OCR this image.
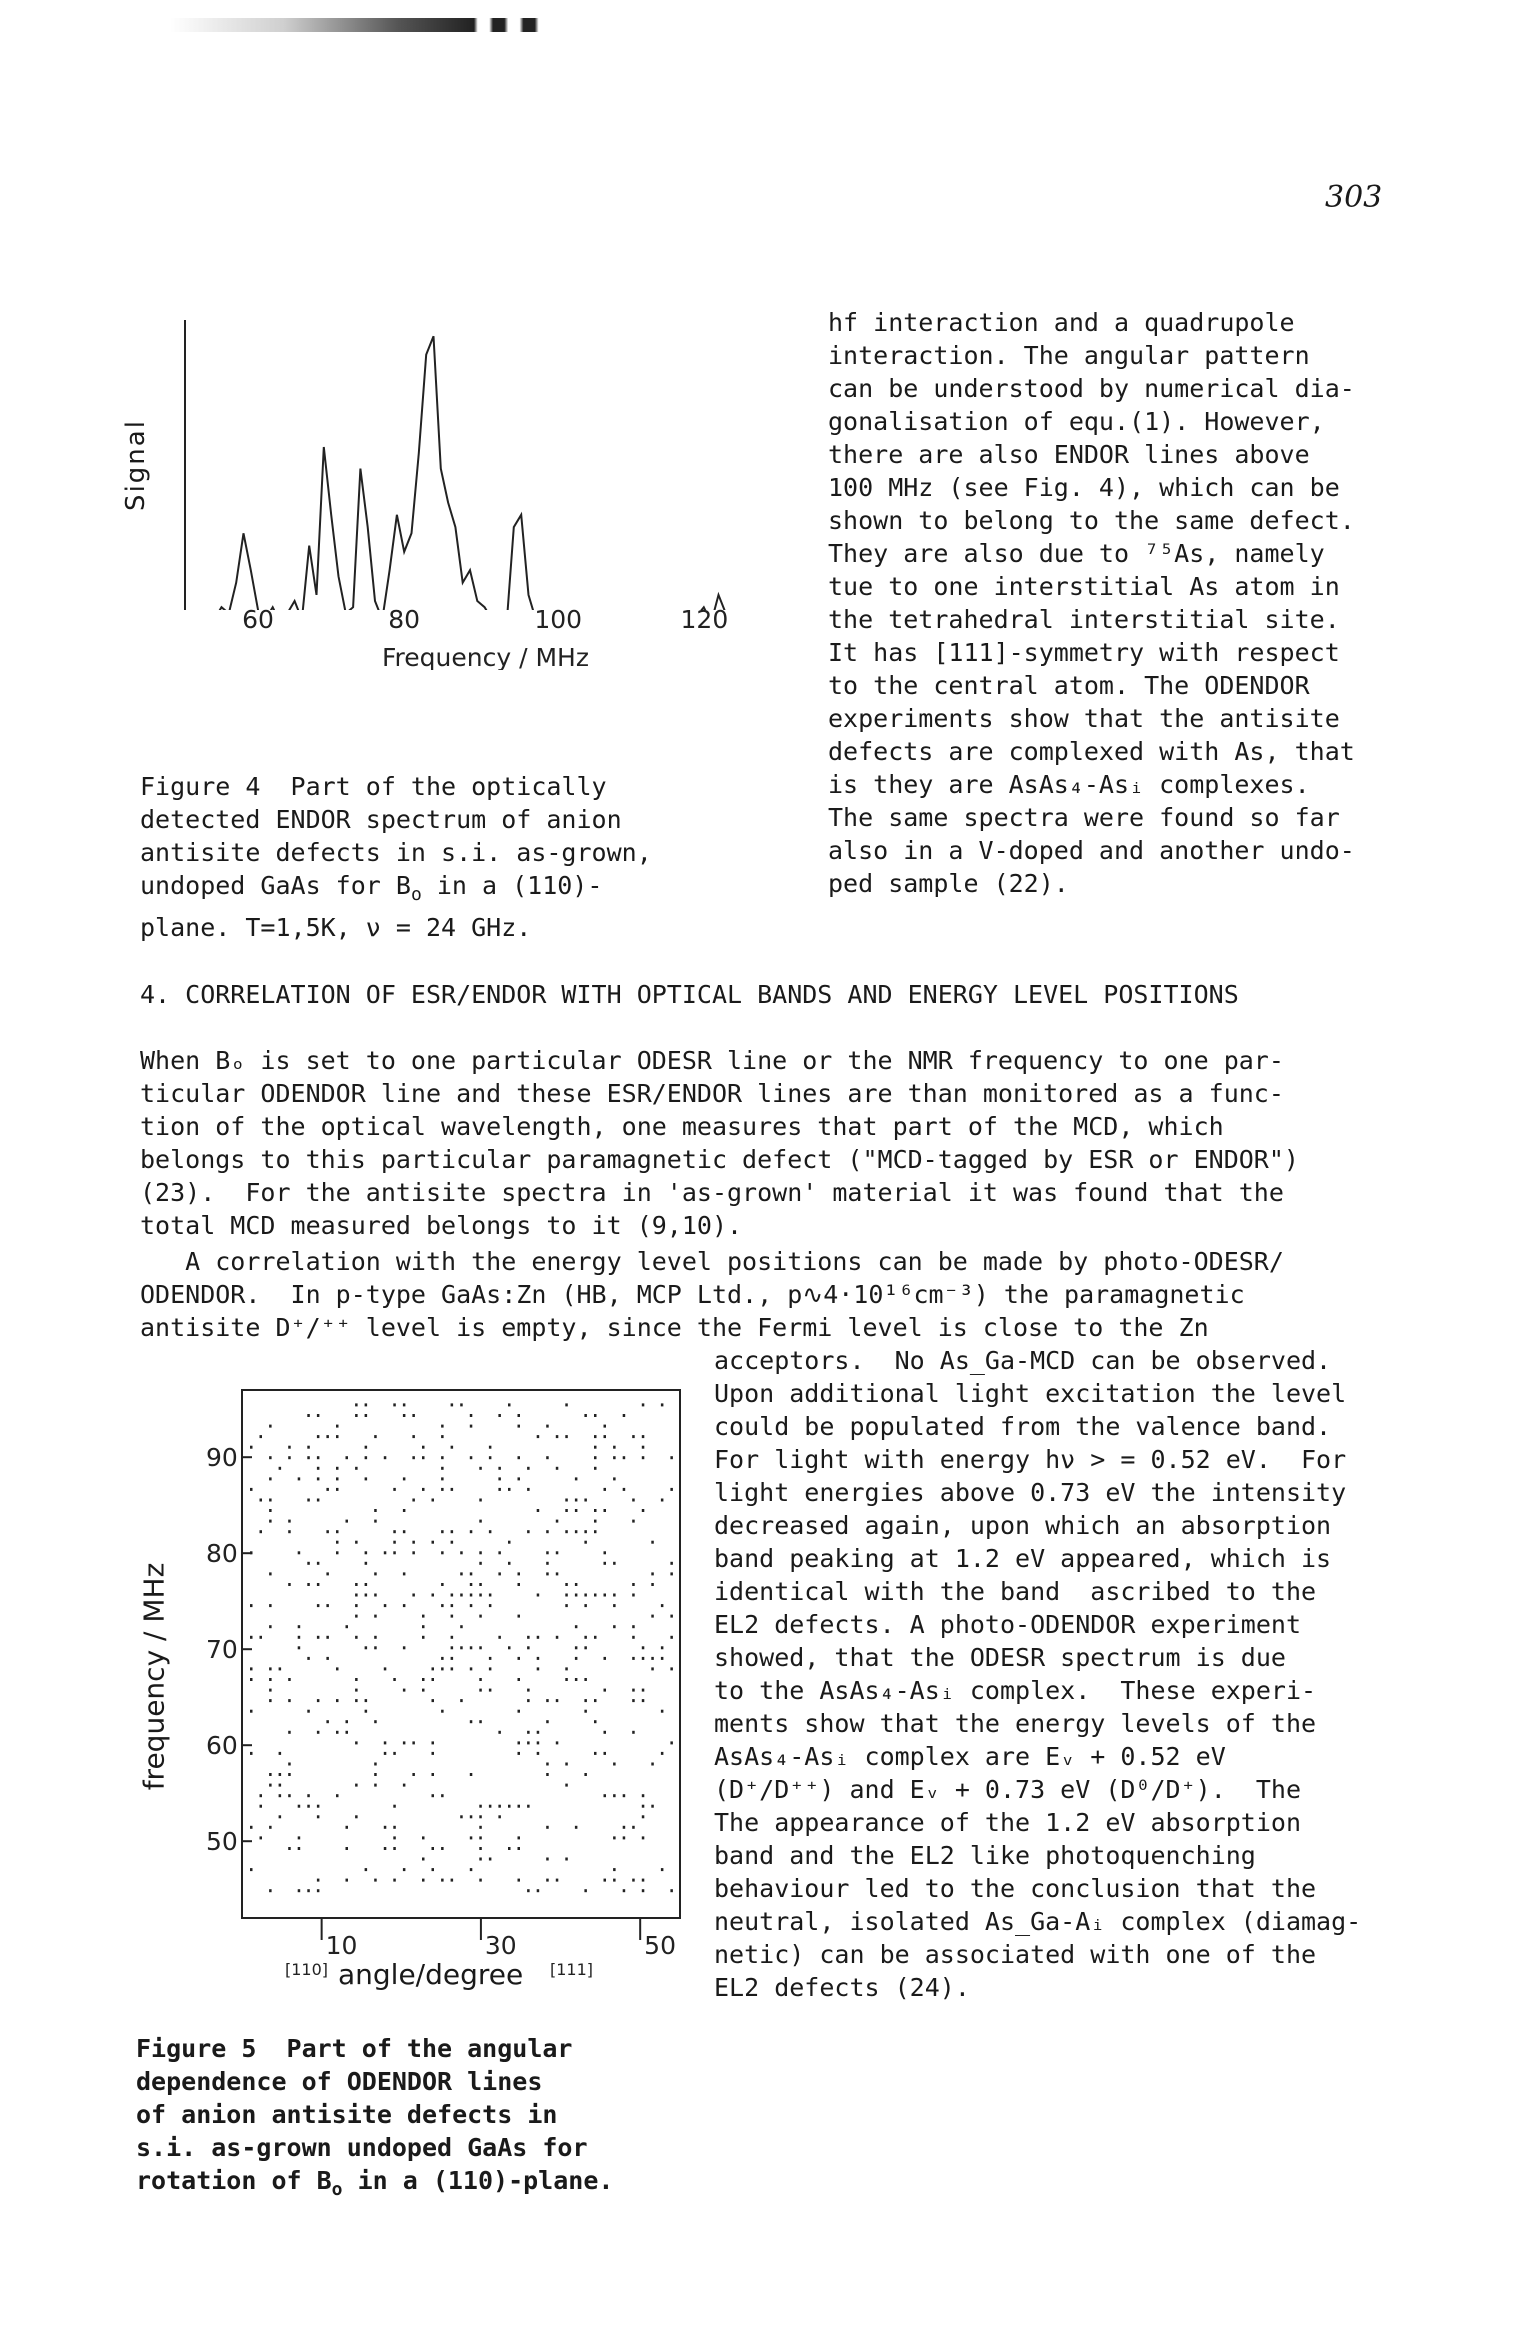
303
Signal
60	80	100	120
Frequency / MHz
Figure 4  Part of the optically
detected ENDOR spectrum of anion
antisite defects in s.i. as-grown,
undoped GaAs for $B_o$ in a (110)-
plane. T=1,5K, ν = 24 GHz.
hf interaction and a quadrupole
interaction. The angular pattern
can be understood by numerical dia-
gonalisation of equ.(1). However,
there are also ENDOR lines above
100 MHz (see Fig. 4), which can be
shown to belong to the same defect.
They are also due to ⁷⁵As, namely
tue to one interstitial As atom in
the tetrahedral interstitial site.
It has [111]-symmetry with respect
to the central atom. The ODENDOR
experiments show that the antisite
defects are complexed with As, that
is they are AsAs₄-Asᵢ complexes.
The same spectra were found so far
also in a V-doped and another undo-
ped sample (22).
4. CORRELATION OF ESR/ENDOR WITH OPTICAL BANDS AND ENERGY LEVEL POSITIONS
When Bₒ is set to one particular ODESR line or the NMR frequency to one par-
ticular ODENDOR line and these ESR/ENDOR lines are than monitored as a func-
tion of the optical wavelength, one measures that part of the MCD, which
belongs to this particular paramagnetic defect ("MCD-tagged by ESR or ENDOR")
(23).  For the antisite spectra in 'as-grown' material it was found that the
total MCD measured belongs to it (9,10).
A correlation with the energy level positions can be made by photo-ODESR/
ODENDOR.  In p-type GaAs:Zn (HB, MCP Ltd., p∿4·10¹⁶cm⁻³) the paramagnetic
antisite D⁺/⁺⁺ level is empty, since the Fermi level is close to the Zn
acceptors.  No As_Ga-MCD can be observed.
Upon additional light excitation the level
could be populated from the valence band.
For light with energy hν > = 0.52 eV.  For
light energies above 0.73 eV the intensity
decreased again, upon which an absorption
band peaking at 1.2 eV appeared, which is
identical with the band  ascribed to the
EL2 defects. A photo-ODENDOR experiment
showed, that the ODESR spectrum is due
to the AsAs₄-Asᵢ complex.  These experi-
ments show that the energy levels of the
AsAs₄-Asᵢ complex are Eᵥ + 0.52 eV
(D⁺/D⁺⁺) and Eᵥ + 0.73 eV (D⁰/D⁺).  The
The appearance of the 1.2 eV absorption
band and the EL2 like photoquenching
behaviour led to the conclusion that the
neutral, isolated As_Ga-Aᵢ complex (diamag-
netic) can be associated with one of the
EL2 defects (24).
50
60
70
80
90
10	30	50
[110]	[111]
frequency / MHz
angle/degree
Figure 5  Part of the angular
dependence of ODENDOR lines
of anion antisite defects in
s.i. as-grown undoped GaAs for
rotation of $B_o$ in a (110)-plane.
